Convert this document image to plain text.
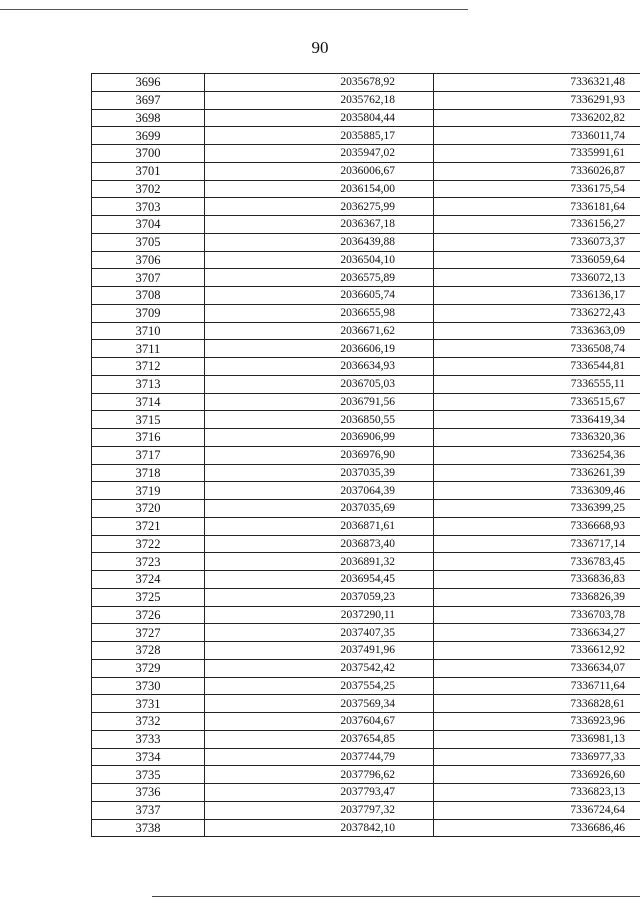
90
3696	2035678,92	7336321,48
3697	2035762,18	7336291,93
3698	2035804,44	7336202,82
3699	2035885,17	7336011,74
3700	2035947,02	7335991,61
3701	2036006,67	7336026,87
3702	2036154,00	7336175,54
3703	2036275,99	7336181,64
3704	2036367,18	7336156,27
3705	2036439,88	7336073,37
3706	2036504,10	7336059,64
3707	2036575,89	7336072,13
3708	2036605,74	7336136,17
3709	2036655,98	7336272,43
3710	2036671,62	7336363,09
3711	2036606,19	7336508,74
3712	2036634,93	7336544,81
3713	2036705,03	7336555,11
3714	2036791,56	7336515,67
3715	2036850,55	7336419,34
3716	2036906,99	7336320,36
3717	2036976,90	7336254,36
3718	2037035,39	7336261,39
3719	2037064,39	7336309,46
3720	2037035,69	7336399,25
3721	2036871,61	7336668,93
3722	2036873,40	7336717,14
3723	2036891,32	7336783,45
3724	2036954,45	7336836,83
3725	2037059,23	7336826,39
3726	2037290,11	7336703,78
3727	2037407,35	7336634,27
3728	2037491,96	7336612,92
3729	2037542,42	7336634,07
3730	2037554,25	7336711,64
3731	2037569,34	7336828,61
3732	2037604,67	7336923,96
3733	2037654,85	7336981,13
3734	2037744,79	7336977,33
3735	2037796,62	7336926,60
3736	2037793,47	7336823,13
3737	2037797,32	7336724,64
3738	2037842,10	7336686,46
